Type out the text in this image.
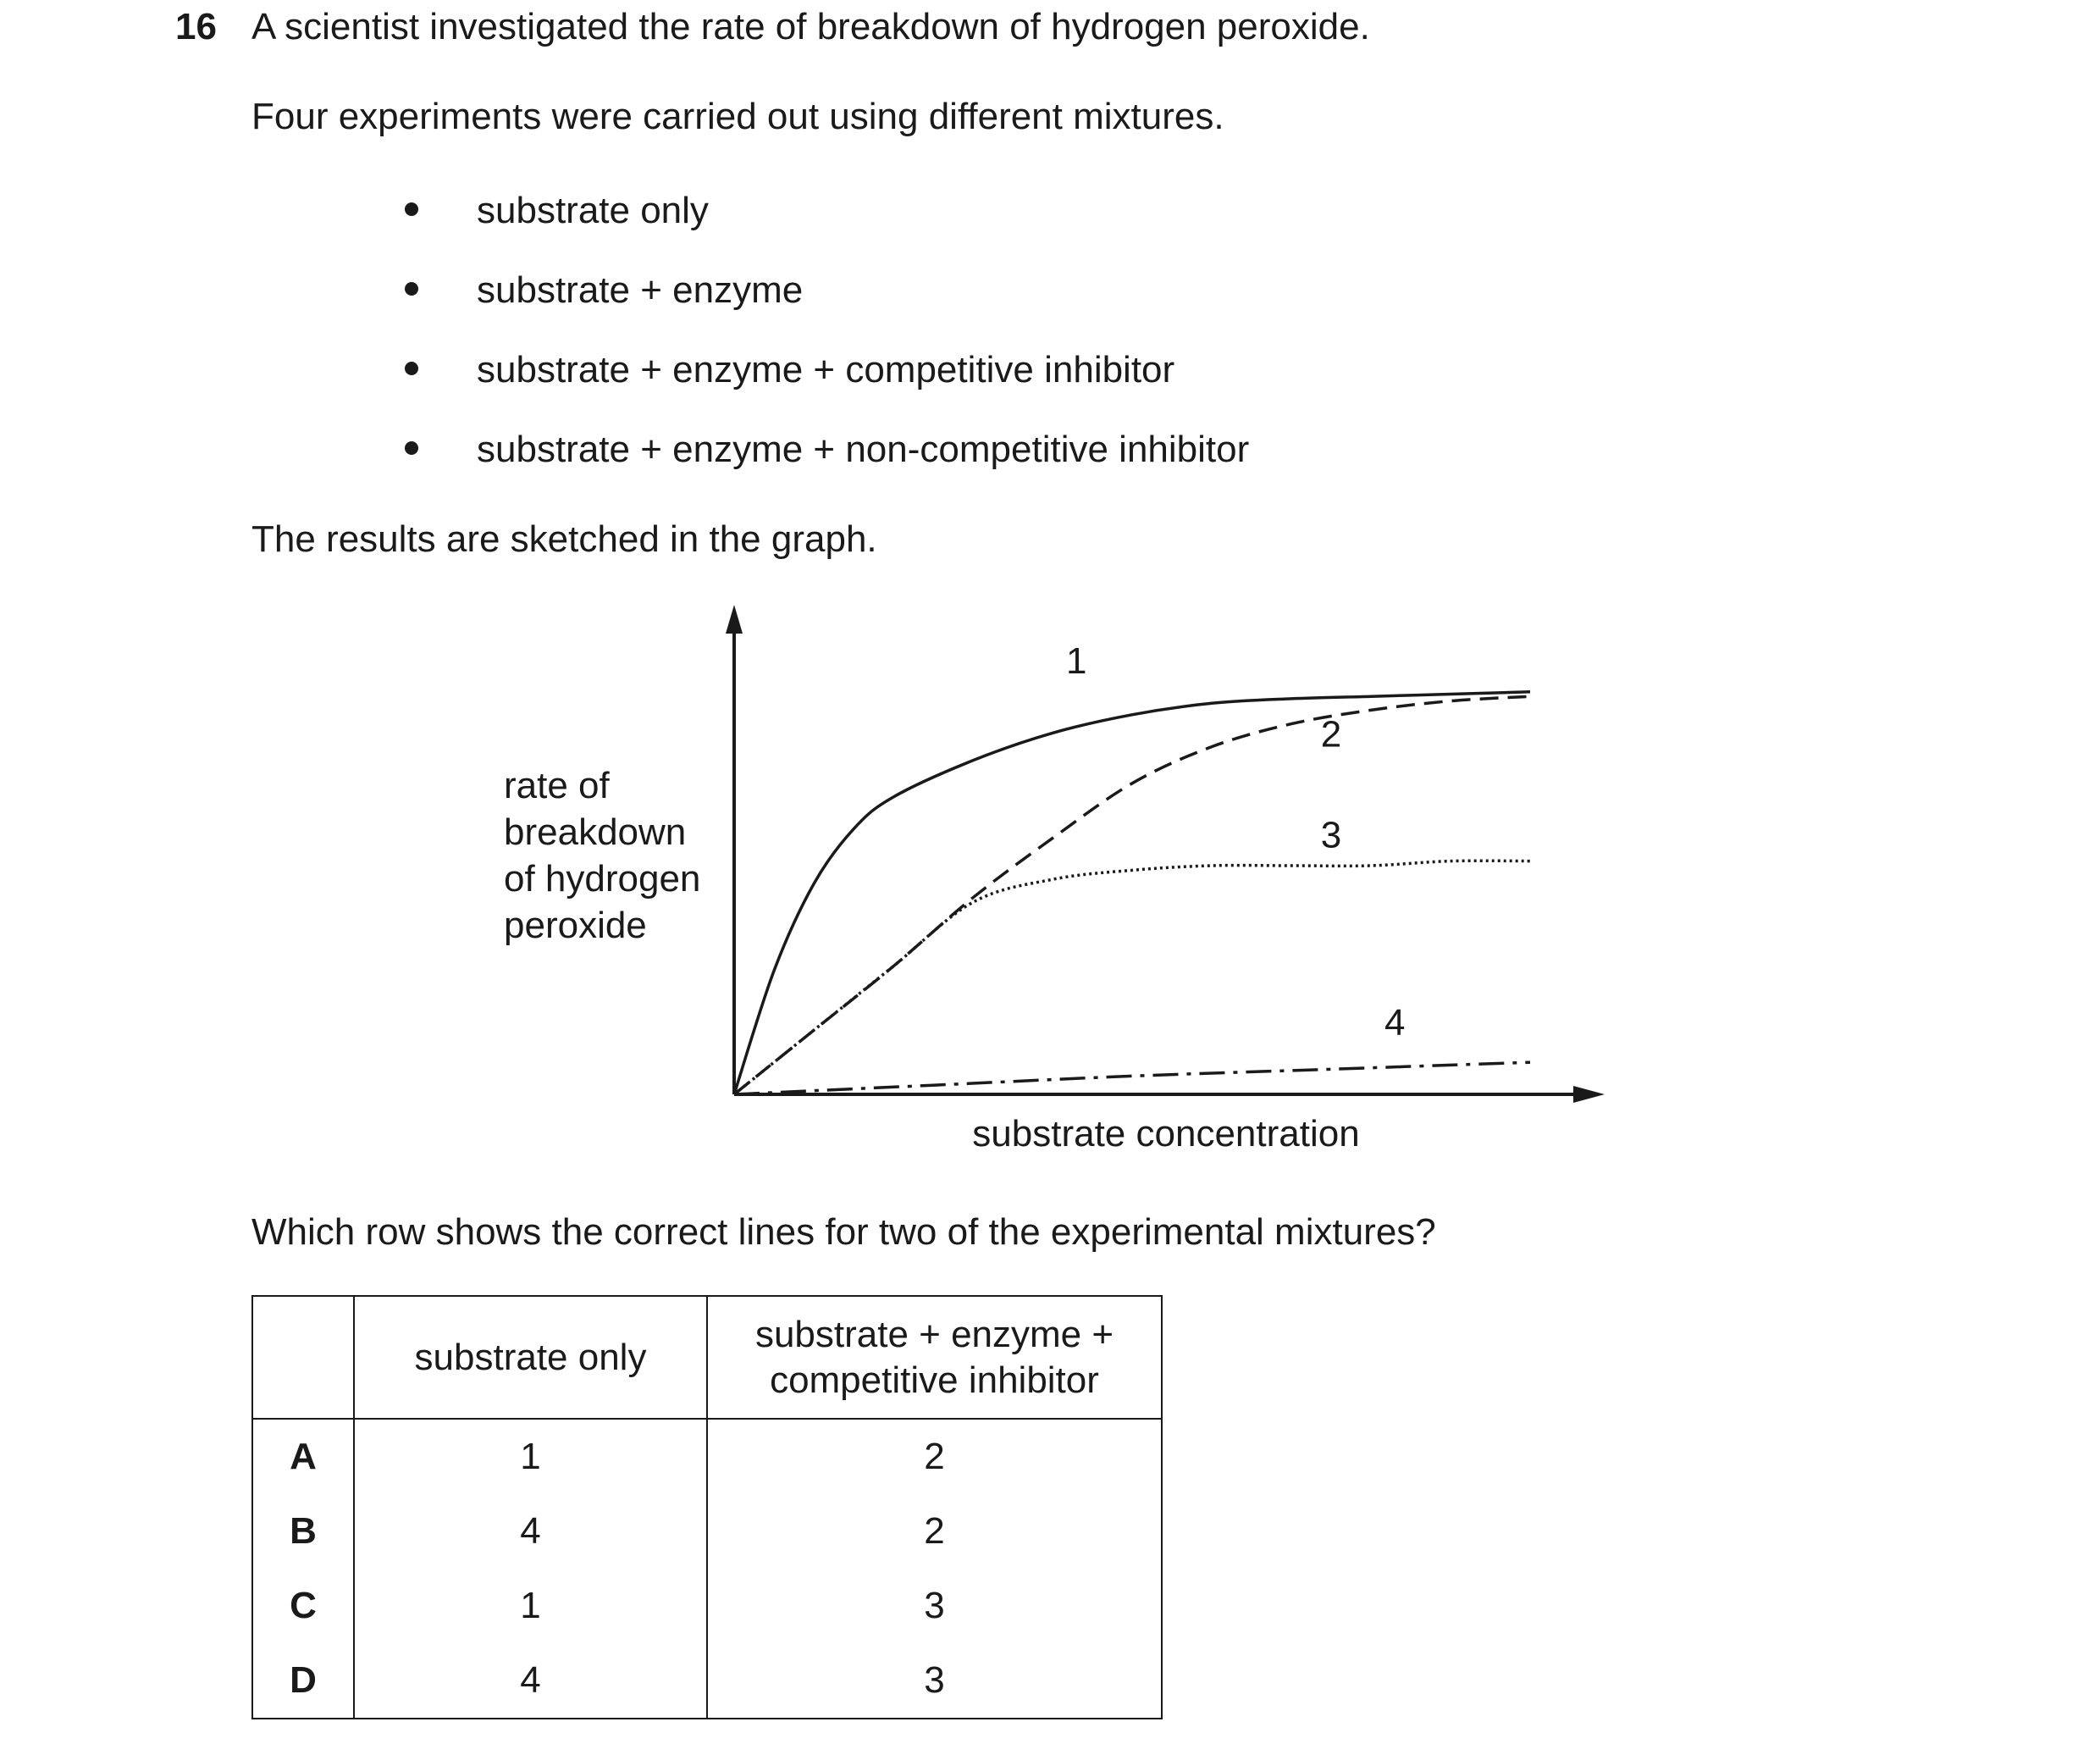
16 A scientist investigated the rate of breakdown of hydrogen peroxide.
Four experiments were carried out using different mixtures.
substrate only
substrate + enzyme
substrate + enzyme + competitive inhibitor
substrate + enzyme + non-competitive inhibitor
The results are sketched in the graph.
rate of
breakdown
of hydrogen
peroxide
1
2
3
4
substrate concentration
Which row shows the correct lines for two of the experimental mixtures?
	substrate only	substrate + enzyme +
competitive inhibitor

A	1	2
B	4	2
C	1	3
D	4	3
